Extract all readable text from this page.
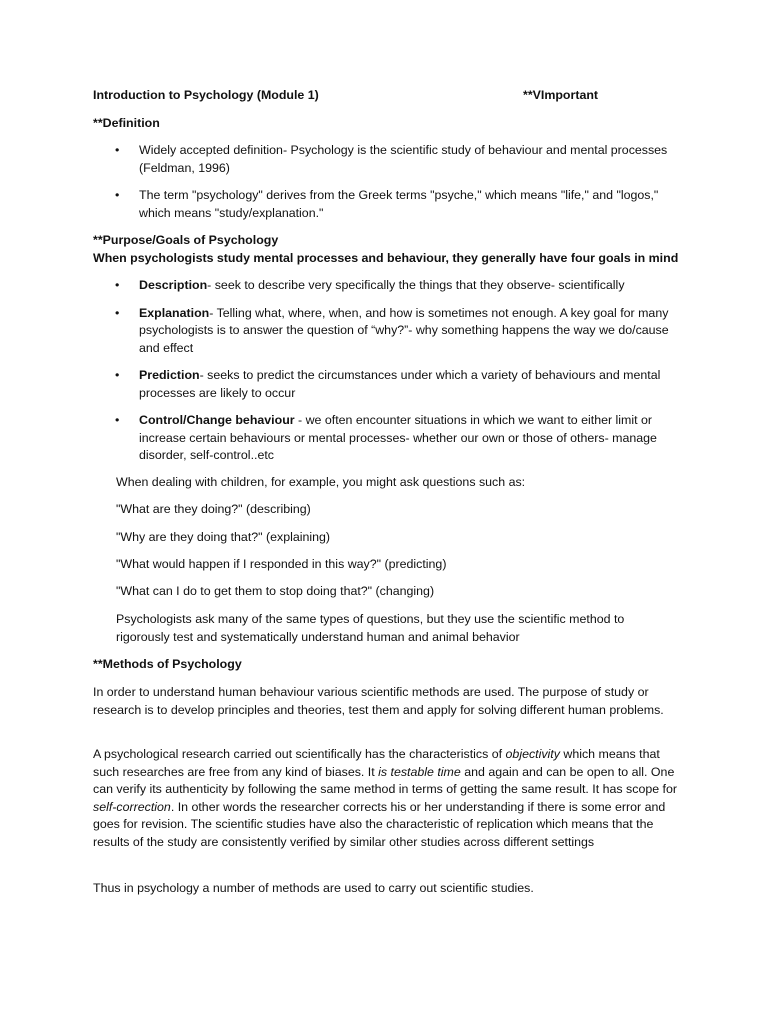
Introduction to Psychology (Module 1)	**VImportant

**Definition

• Widely accepted definition- Psychology is the scientific study of behaviour and mental processes (Feldman, 1996)
• The term "psychology" derives from the Greek terms "psyche," which means "life," and "logos," which means "study/explanation."

**Purpose/Goals of Psychology

When psychologists study mental processes and behaviour, they generally have four goals in mind

• Description- seek to describe very specifically the things that they observe- scientifically
• Explanation- Telling what, where, when, and how is sometimes not enough. A key goal for many psychologists is to answer the question of “why?”- why something happens the way we do/cause and effect
• Prediction- seeks to predict the circumstances under which a variety of behaviours and mental processes are likely to occur
• Control/Change behaviour - we often encounter situations in which we want to either limit or increase certain behaviours or mental processes- whether our own or those of others- manage disorder, self-control..etc

When dealing with children, for example, you might ask questions such as:

"What are they doing?" (describing)

"Why are they doing that?" (explaining)

"What would happen if I responded in this way?" (predicting)

"What can I do to get them to stop doing that?" (changing)

Psychologists ask many of the same types of questions, but they use the scientific method to rigorously test and systematically understand human and animal behavior

**Methods of Psychology

In order to understand human behaviour various scientific methods are used. The purpose of study or research is to develop principles and theories, test them and apply for solving different human problems.

A psychological research carried out scientifically has the characteristics of objectivity which means that such researches are free from any kind of biases. It is testable time and again and can be open to all. One can verify its authenticity by following the same method in terms of getting the same result. It has scope for self-correction. In other words the researcher corrects his or her understanding if there is some error and goes for revision. The scientific studies have also the characteristic of replication which means that the results of the study are consistently verified by similar other studies across different settings

Thus in psychology a number of methods are used to carry out scientific studies.
